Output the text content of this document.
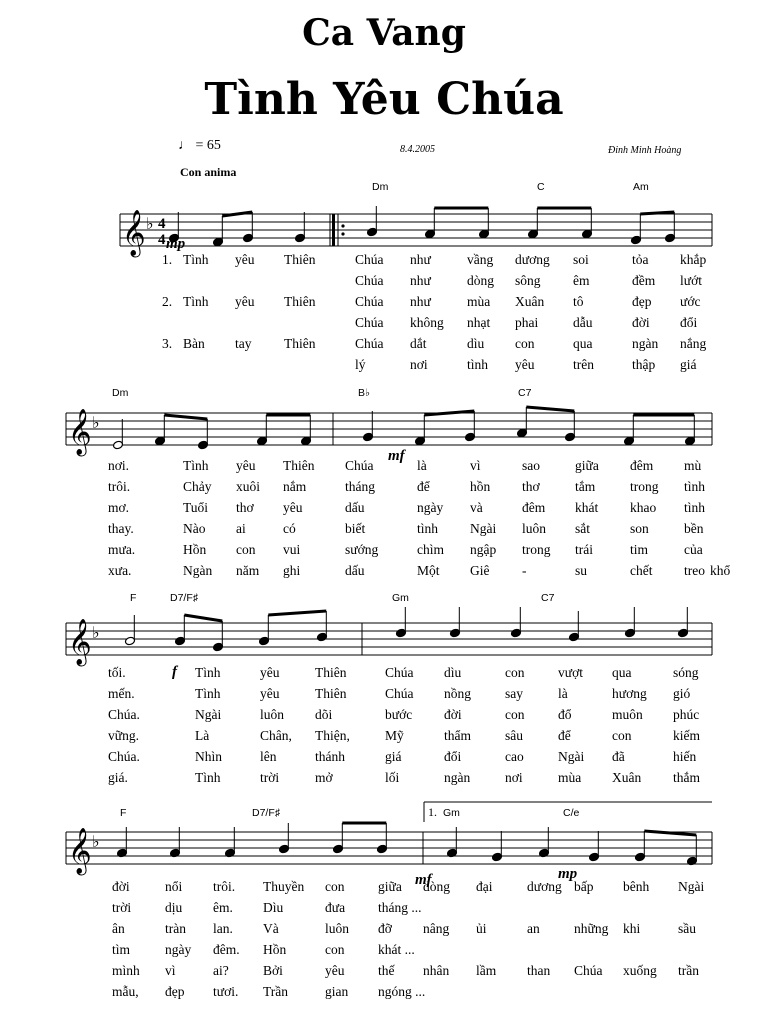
Ca Vang
Tình Yêu Chúa
♩ = 65
Con anima
8.4.2005	Đinh Minh Hoàng
𝄞 ♭ 4
4
𝄞 ♭
𝄞 ♭
𝄞 ♭
1.
Dm	C	Am
mp
1. Tình yêu Thiên	Chúa như	vầng dương soi	tỏa khắp
Chúa như	dòng sông êm	đềm lướt
2. Tình yêu Thiên	Chúa như	mùa Xuân tô	đẹp ước
Chúa không nhạt phai	dẫu	đời đổi
3. Bàn tay Thiên	Chúa dắt	dìu con	qua	ngàn nắng
lý	nơi	tình yêu	trên	thập giá
Dm	B♭	C7
mf
nơi.	Tình yêu Thiên Chúa	là	vì	sao	giữa đêm mù
trôi.	Chảy xuôi nắm	tháng	để	hồn thơ	tắm	trong tình
mơ.	Tuổi thơ yêu	dấu	ngày và	đêm khát khao tình
thay.	Nào ai	có	biết	tình Ngài luôn sắt	son	bền
mưa.	Hồn con vui	sướng	chìm ngập trong trái	tim	của
xưa.	Ngàn năm ghi	dấu	Một Giê -	su	chết treo khổ
F	D7/F♯	Gm	C7
f
tối.	Tình	yêu	Thiên	Chúa dìu	con vượt qua	sóng
mến.	Tình	yêu	Thiên	Chúa nồng	say	là	hương gió
Chúa.	Ngài	luôn dõi	bước đời	con đổ	muôn phúc
vững.	Là	Chân, Thiện,	Mỹ	thẩm	sâu	để	con	kiếm
Chúa.	Nhìn	lên	thánh	giá	đổi	cao	Ngài đã	hiến
giá.	Tình	trời	mở	lối	ngàn	nơi	mùa Xuân thắm
F	D7/F♯	Gm	C/e
mf	mp
đời	nổi trôi. Thuyền con giữa dòng đại	dương bấp bênh Ngài
trời	dịu êm. Dìu	đưa tháng ...
ân	tràn lan. Và	luôn đỡ nâng ủi	an	những khi	sầu
tìm	ngày đêm. Hồn	con khát ...
mình vì	ai?	Bởi	yêu thế nhân lầm than Chúa xuống trần
mẫu, đẹp tươi. Trần	gian ngóng ...
